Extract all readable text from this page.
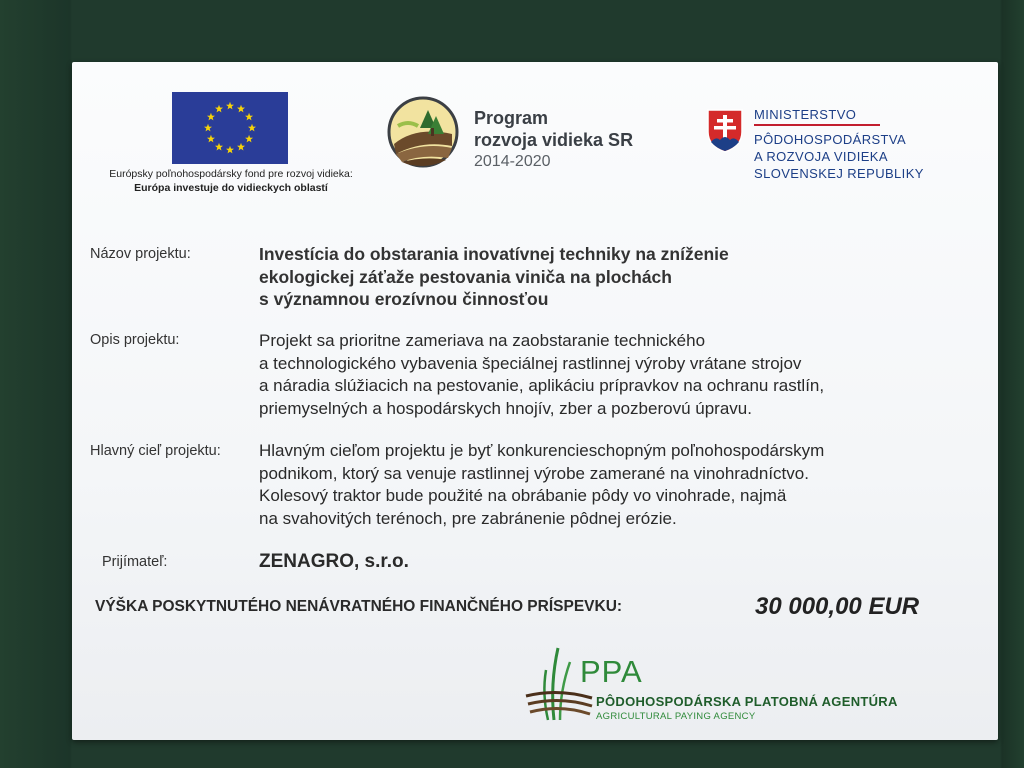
Európsky poľnohospodársky fond pre rozvoj vidieka:
Európa investuje do vidieckych oblastí
Program
rozvoja vidieka SR
2014-2020
MINISTERSTVO
PÔDOHOSPODÁRSTVA
A ROZVOJA VIDIEKA
SLOVENSKEJ REPUBLIKY
Názov projektu:	Investícia do obstarania inovatívnej techniky na zníženie
ekologickej záťaže pestovania viniča na plochách
s významnou erozívnou činnosťou
Opis projektu:	Projekt sa prioritne zameriava na zaobstaranie technického
a technologického vybavenia špeciálnej rastlinnej výroby vrátane strojov
a náradia slúžiacich na pestovanie, aplikáciu prípravkov na ochranu rastlín,
priemyselných a hospodárskych hnojív, zber a pozberovú úpravu.
Hlavný cieľ projektu: Hlavným cieľom projektu je byť konkurencieschopným poľnohospodárskym
podnikom, ktorý sa venuje rastlinnej výrobe zamerané na vinohradníctvo.
Kolesový traktor bude použité na obrábanie pôdy vo vinohrade, najmä
na svahovitých terénoch, pre zabránenie pôdnej erózie.
Prijímateľ:	ZENAGRO, s.r.o.
VÝŠKA POSKYTNUTÉHO NENÁVRATNÉHO FINANČNÉHO PRÍSPEVKU:	30 000,00 EUR
PPA
PÔDOHOSPODÁRSKA PLATOBNÁ AGENTÚRA
AGRICULTURAL PAYING AGENCY
